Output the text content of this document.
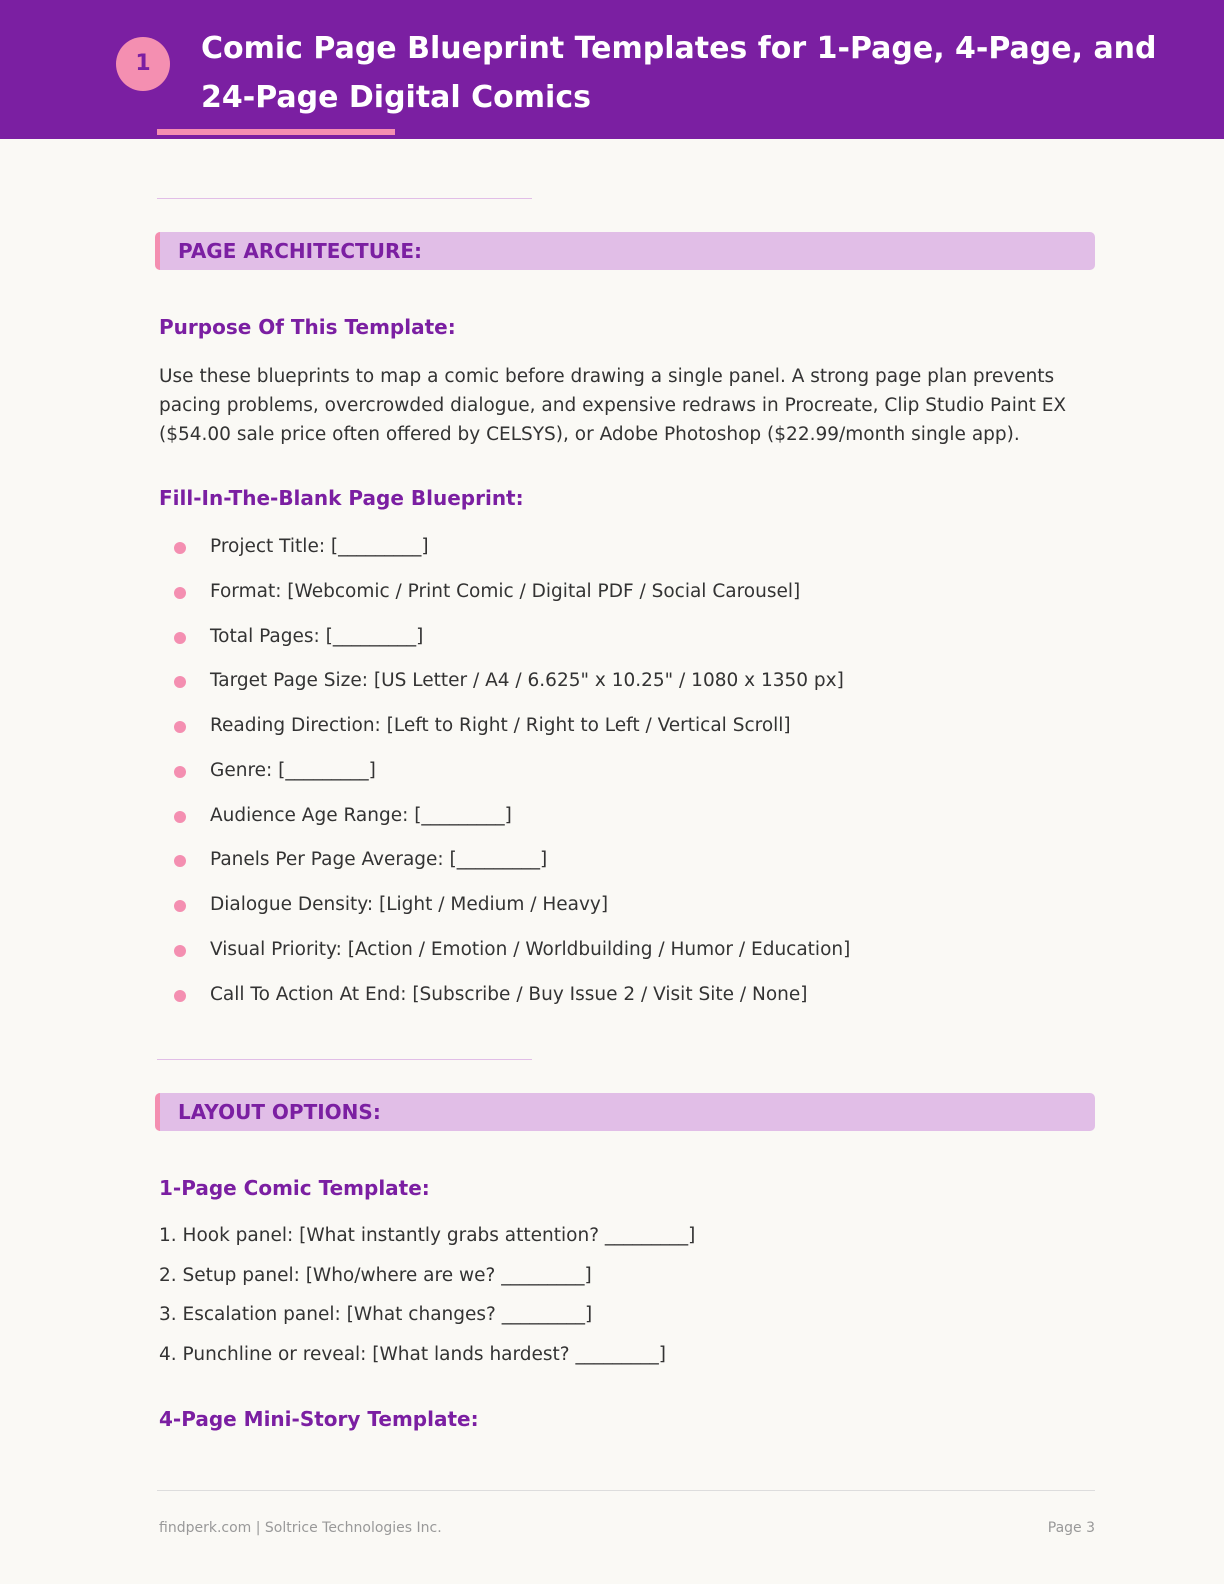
1	Comic Page Blueprint Templates for 1-Page, 4-Page, and 24-Page Digital Comics
PAGE ARCHITECTURE:
Purpose Of This Template:

Use these blueprints to map a comic before drawing a single panel. A strong page plan prevents pacing problems, overcrowded dialogue, and expensive redraws in Procreate, Clip Studio Paint EX ($54.00 sale price often offered by CELSYS), or Adobe Photoshop ($22.99/month single app).

Fill-In-The-Blank Page Blueprint:
Project Title: [_________]
Format: [Webcomic / Print Comic / Digital PDF / Social Carousel]
Total Pages: [_________]
Target Page Size: [US Letter / A4 / 6.625" x 10.25" / 1080 x 1350 px]
Reading Direction: [Left to Right / Right to Left / Vertical Scroll]
Genre: [_________]
Audience Age Range: [_________]
Panels Per Page Average: [_________]
Dialogue Density: [Light / Medium / Heavy]
Visual Priority: [Action / Emotion / Worldbuilding / Humor / Education]
Call To Action At End: [Subscribe / Buy Issue 2 / Visit Site / None]
LAYOUT OPTIONS:
1-Page Comic Template:
1. Hook panel: [What instantly grabs attention? _________]
2. Setup panel: [Who/where are we? _________]
3. Escalation panel: [What changes? _________]
4. Punchline or reveal: [What lands hardest? _________]
4-Page Mini-Story Template:
findperk.com | Soltrice Technologies Inc.	Page 3
